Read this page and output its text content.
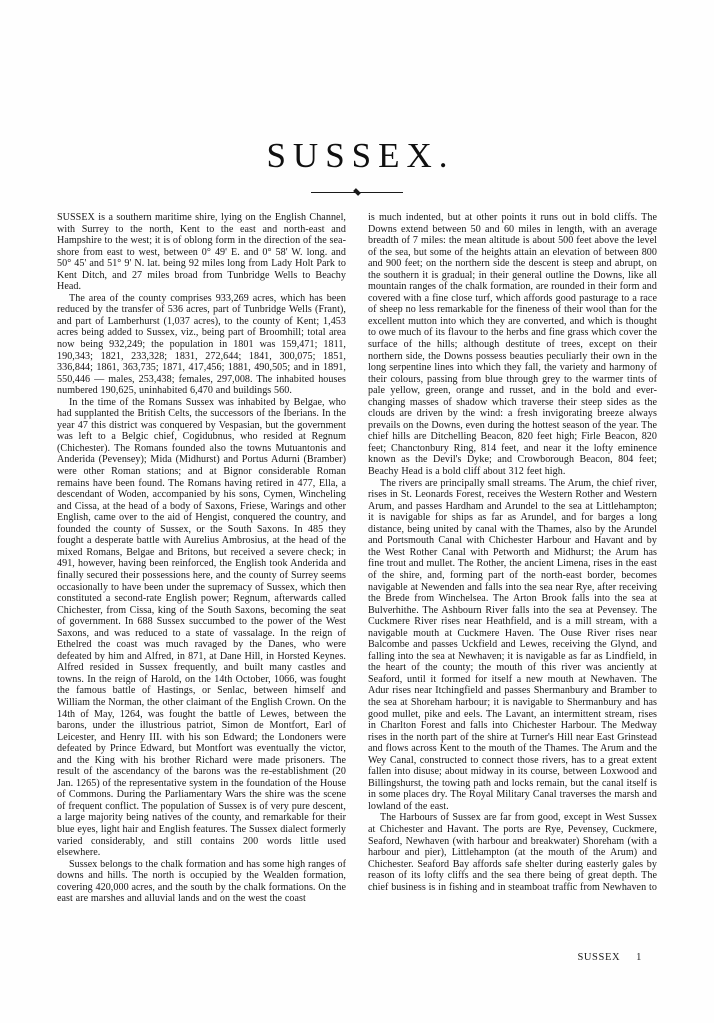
SUSSEX.

SUSSEX is a southern maritime shire, lying on the English Channel, with Surrey to the north, Kent to the east and north-east and Hampshire to the west; it is of oblong form in the direction of the sea-shore from east to west, between 0° 49' E. and 0° 58' W. long. and 50° 45' and 51° 9' N. lat. being 92 miles long from Lady Holt Park to Kent Ditch, and 27 miles broad from Tunbridge Wells to Beachy Head.

The area of the county comprises 933,269 acres, which has been reduced by the transfer of 536 acres, part of Tunbridge Wells (Frant), and part of Lamberhurst (1,037 acres), to the county of Kent; 1,453 acres being added to Sussex, viz., being part of Broomhill; total area now being 932,249; the population in 1801 was 159,471; 1811, 190,343; 1821, 233,328; 1831, 272,644; 1841, 300,075; 1851, 336,844; 1861, 363,735; 1871, 417,456; 1881, 490,505; and in 1891, 550,446 — males, 253,438; females, 297,008. The inhabited houses numbered 190,625, uninhabited 6,470 and buildings 560.

In the time of the Romans Sussex was inhabited by Belgae, who had supplanted the British Celts, the successors of the Iberians. In the year 47 this district was conquered by Vespasian, but the government was left to a Belgic chief, Cogidubnus, who resided at Regnum (Chichester). The Romans founded also the towns Mutuantonis and Anderida (Pevensey); Mida (Midhurst) and Portus Adurni (Bramber) were other Roman stations; and at Bignor considerable Roman remains have been found. The Romans having retired in 477, Ella, a descendant of Woden, accompanied by his sons, Cymen, Wincheling and Cissa, at the head of a body of Saxons, Friese, Warings and other English, came over to the aid of Hengist, conquered the country, and founded the county of Sussex, or the South Saxons. In 485 they fought a desperate battle with Aurelius Ambrosius, at the head of the mixed Romans, Belgae and Britons, but received a severe check; in 491, however, having been reinforced, the English took Anderida and finally secured their possessions here, and the county of Surrey seems occasionally to have been under the supremacy of Sussex, which then constituted a second-rate English power; Regnum, afterwards called Chichester, from Cissa, king of the South Saxons, becoming the seat of government. In 688 Sussex succumbed to the power of the West Saxons, and was reduced to a state of vassalage. In the reign of Ethelred the coast was much ravaged by the Danes, who were defeated by him and Alfred, in 871, at Dane Hill, in Horsted Keynes. Alfred resided in Sussex frequently, and built many castles and towns. In the reign of Harold, on the 14th October, 1066, was fought the famous battle of Hastings, or Senlac, between himself and William the Norman, the other claimant of the English Crown. On the 14th of May, 1264, was fought the battle of Lewes, between the barons, under the illustrious patriot, Simon de Montfort, Earl of Leicester, and Henry III. with his son Edward; the Londoners were defeated by Prince Edward, but Montfort was eventually the victor, and the King with his brother Richard were made prisoners. The result of the ascendancy of the barons was the re-establishment (20 Jan. 1265) of the representative system in the foundation of the House of Commons. During the Parliamentary Wars the shire was the scene of frequent conflict. The population of Sussex is of very pure descent, a large majority being natives of the county, and remarkable for their blue eyes, light hair and English features. The Sussex dialect formerly varied considerably, and still contains 200 words little used elsewhere.

Sussex belongs to the chalk formation and has some high ranges of downs and hills. The north is occupied by the Wealden formation, covering 420,000 acres, and the south by the chalk formations. On the east are marshes and alluvial lands and on the west the coast

is much indented, but at other points it runs out in bold cliffs. The Downs extend between 50 and 60 miles in length, with an average breadth of 7 miles: the mean altitude is about 500 feet above the level of the sea, but some of the heights attain an elevation of between 800 and 900 feet; on the northern side the descent is steep and abrupt, on the southern it is gradual; in their general outline the Downs, like all mountain ranges of the chalk formation, are rounded in their form and covered with a fine close turf, which affords good pasturage to a race of sheep no less remarkable for the fineness of their wool than for the excellent mutton into which they are converted, and which is thought to owe much of its flavour to the herbs and fine grass which cover the surface of the hills; although destitute of trees, except on their northern side, the Downs possess beauties peculiarly their own in the long serpentine lines into which they fall, the variety and harmony of their colours, passing from blue through grey to the warmer tints of pale yellow, green, orange and russet, and in the bold and ever-changing masses of shadow which traverse their steep sides as the clouds are driven by the wind: a fresh invigorating breeze always prevails on the Downs, even during the hottest season of the year. The chief hills are Ditchelling Beacon, 820 feet high; Firle Beacon, 820 feet; Chanctonbury Ring, 814 feet, and near it the lofty eminence known as the Devil's Dyke; and Crowborough Beacon, 804 feet; Beachy Head is a bold cliff about 312 feet high.

The rivers are principally small streams. The Arum, the chief river, rises in St. Leonards Forest, receives the Western Rother and Western Arum, and passes Hardham and Arundel to the sea at Littlehampton; it is navigable for ships as far as Arundel, and for barges a long distance, being united by canal with the Thames, also by the Arundel and Portsmouth Canal with Chichester Harbour and Havant and by the West Rother Canal with Petworth and Midhurst; the Arum has fine trout and mullet. The Rother, the ancient Limena, rises in the east of the shire, and, forming part of the north-east border, becomes navigable at Newenden and falls into the sea near Rye, after receiving the Brede from Winchelsea. The Arton Brook falls into the sea at Bulverhithe. The Ashbourn River falls into the sea at Pevensey. The Cuckmere River rises near Heathfield, and is a mill stream, with a navigable mouth at Cuckmere Haven. The Ouse River rises near Balcombe and passes Uckfield and Lewes, receiving the Glynd, and falling into the sea at Newhaven; it is navigable as far as Lindfield, in the heart of the county; the mouth of this river was anciently at Seaford, until it formed for itself a new mouth at Newhaven. The Adur rises near Itchingfield and passes Shermanbury and Bramber to the sea at Shoreham harbour; it is navigable to Shermanbury and has good mullet, pike and eels. The Lavant, an intermittent stream, rises in Charlton Forest and falls into Chichester Harbour. The Medway rises in the north part of the shire at Turner's Hill near East Grinstead and flows across Kent to the mouth of the Thames. The Arum and the Wey Canal, constructed to connect those rivers, has to a great extent fallen into disuse; about midway in its course, between Loxwood and Billingshurst, the towing path and locks remain, but the canal itself is in some places dry. The Royal Military Canal traverses the marsh and lowland of the east.

The Harbours of Sussex are far from good, except in West Sussex at Chichester and Havant. The ports are Rye, Pevensey, Cuckmere, Seaford, Newhaven (with harbour and breakwater) Shoreham (with a harbour and pier), Littlehampton (at the mouth of the Arum) and Chichester. Seaford Bay affords safe shelter during easterly gales by reason of its lofty cliffs and the sea there being of great depth. The chief business is in fishing and in steamboat traffic from Newhaven to

SUSSEX 1
